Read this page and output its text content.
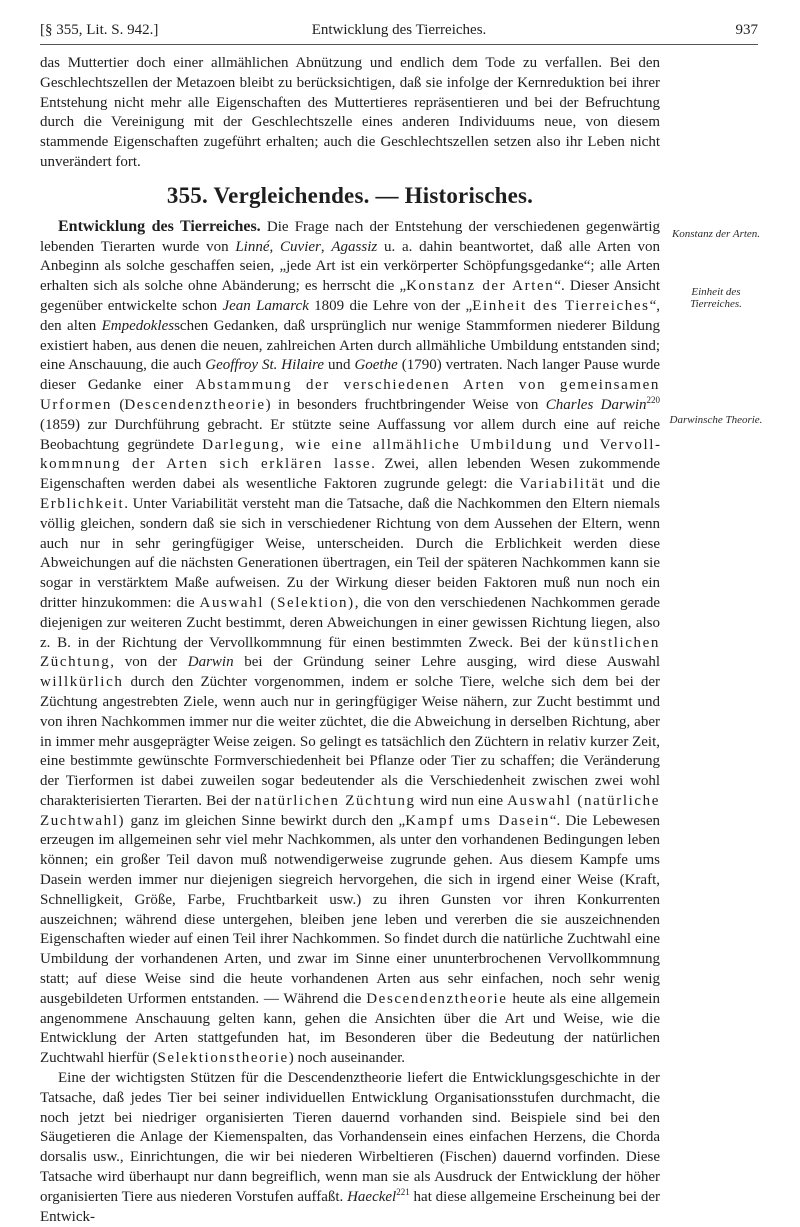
[§ 355, Lit. S. 942.]	Entwicklung des Tierreiches.	937

das Muttertier doch einer allmählichen Abnützung und endlich dem Tode zu verfallen. Bei den Geschlechtszellen der Metazoen bleibt zu berücksichtigen, daß sie infolge der Kernreduktion bei ihrer Entstehung nicht mehr alle Eigenschaften des Muttertieres repräsentieren und bei der Befruchtung durch die Vereinigung mit der Geschlechtszelle eines anderen Individuums neue, von diesem stammende Eigenschaften zugeführt erhalten; auch die Geschlechtszellen setzen also ihr Leben nicht unverändert fort.

355. Vergleichendes. — Historisches.

Entwicklung des Tierreiches. Die Frage nach der Entstehung der verschiedenen gegenwärtig lebenden Tierarten wurde von Linné, Cuvier, Agassiz u. a. dahin beantwortet, daß alle Arten von Anbeginn als solche geschaffen seien, „jede Art ist ein verkörperter Schöpfungsgedanke“; alle Arten erhalten sich als solche ohne Abänderung; es herrscht die „Konstanz der Arten“. Dieser Ansicht gegenüber entwickelte schon Jean Lamarck 1809 die Lehre von der „Einheit des Tierreiches“, den alten Empedoklesschen Gedanken, daß ursprünglich nur wenige Stammformen niederer Bildung existiert haben, aus denen die neuen, zahlreichen Arten durch allmähliche Umbildung entstanden sind; eine Anschauung, die auch Geoffroy St. Hilaire und Goethe (1790) vertraten. Nach langer Pause wurde dieser Gedanke einer Abstammung der verschiedenen Arten von gemeinsamen Urformen (Descendenztheorie) in besonders fruchtbringender Weise von Charles Darwin$^{220}$ (1859) zur Durchführung gebracht. Er stützte seine Auffassung vor allem durch eine auf reiche Beobachtung gegründete Darlegung, wie eine allmähliche Umbildung und Vervollkommnung der Arten sich erklären lasse. Zwei, allen lebenden Wesen zukommende Eigenschaften werden dabei als wesentliche Faktoren zugrunde gelegt: die Variabilität und die Erblichkeit. Unter Variabilität versteht man die Tatsache, daß die Nachkommen den Eltern niemals völlig gleichen, sondern daß sie sich in verschiedener Richtung von dem Aussehen der Eltern, wenn auch nur in sehr geringfügiger Weise, unterscheiden. Durch die Erblichkeit werden diese Abweichungen auf die nächsten Generationen übertragen, ein Teil der späteren Nachkommen kann sie sogar in verstärktem Maße aufweisen. Zu der Wirkung dieser beiden Faktoren muß nun noch ein dritter hinzukommen: die Auswahl (Selektion), die von den verschiedenen Nachkommen gerade diejenigen zur weiteren Zucht bestimmt, deren Abweichungen in einer gewissen Richtung liegen, also z. B. in der Richtung der Vervollkommnung für einen bestimmten Zweck. Bei der künstlichen Züchtung, von der Darwin bei der Gründung seiner Lehre ausging, wird diese Auswahl willkürlich durch den Züchter vorgenommen, indem er solche Tiere, welche sich dem bei der Züchtung angestrebten Ziele, wenn auch nur in geringfügiger Weise nähern, zur Zucht bestimmt und von ihren Nachkommen immer nur die weiter züchtet, die die Abweichung in derselben Richtung, aber in immer mehr ausgeprägter Weise zeigen. So gelingt es tatsächlich den Züchtern in relativ kurzer Zeit, eine bestimmte gewünschte Formverschiedenheit bei Pflanze oder Tier zu schaffen; die Veränderung der Tierformen ist dabei zuweilen sogar bedeutender als die Verschiedenheit zwischen zwei wohl charakterisierten Tierarten. Bei der natürlichen Züchtung wird nun eine Auswahl (natürliche Zuchtwahl) ganz im gleichen Sinne bewirkt durch den „Kampf ums Dasein“. Die Lebewesen erzeugen im allgemeinen sehr viel mehr Nachkommen, als unter den vorhandenen Bedingungen leben können; ein großer Teil davon muß notwendigerweise zugrunde gehen. Aus diesem Kampfe ums Dasein werden immer nur diejenigen siegreich hervorgehen, die sich in irgend einer Weise (Kraft, Schnelligkeit, Größe, Farbe, Fruchtbarkeit usw.) zu ihren Gunsten vor ihren Konkurrenten auszeichnen; während diese untergehen, bleiben jene leben und vererben die sie auszeichnenden Eigenschaften wieder auf einen Teil ihrer Nachkommen. So findet durch die natürliche Zuchtwahl eine Umbildung der vorhandenen Arten, und zwar im Sinne einer ununterbrochenen Vervollkommnung statt; auf diese Weise sind die heute vorhandenen Arten aus sehr einfachen, noch sehr wenig ausgebildeten Urformen entstanden. — Während die Descendenztheorie heute als eine allgemein angenommene Anschauung gelten kann, gehen die Ansichten über die Art und Weise, wie die Entwicklung der Arten stattgefunden hat, im Besonderen über die Bedeutung der natürlichen Zuchtwahl hierfür (Selektionstheorie) noch auseinander.

Eine der wichtigsten Stützen für die Descendenztheorie liefert die Entwicklungsgeschichte in der Tatsache, daß jedes Tier bei seiner individuellen Entwicklung Organisationsstufen durchmacht, die noch jetzt bei niedriger organisierten Tieren dauernd vorhanden sind. Beispiele sind bei den Säugetieren die Anlage der Kiemenspalten, das Vorhandensein eines einfachen Herzens, die Chorda dorsalis usw., Einrichtungen, die wir bei niederen Wirbeltieren (Fischen) dauernd vorfinden. Diese Tatsache wird überhaupt nur dann begreiflich, wenn man sie als Ausdruck der Entwicklung der höher organisierten Tiere aus niederen Vorstufen auffaßt. Haeckel$^{221}$ hat diese allgemeine Erscheinung bei der Entwick-

Konstanz der Arten.
Einheit des Tierreiches.
Darwinsche Theorie.
